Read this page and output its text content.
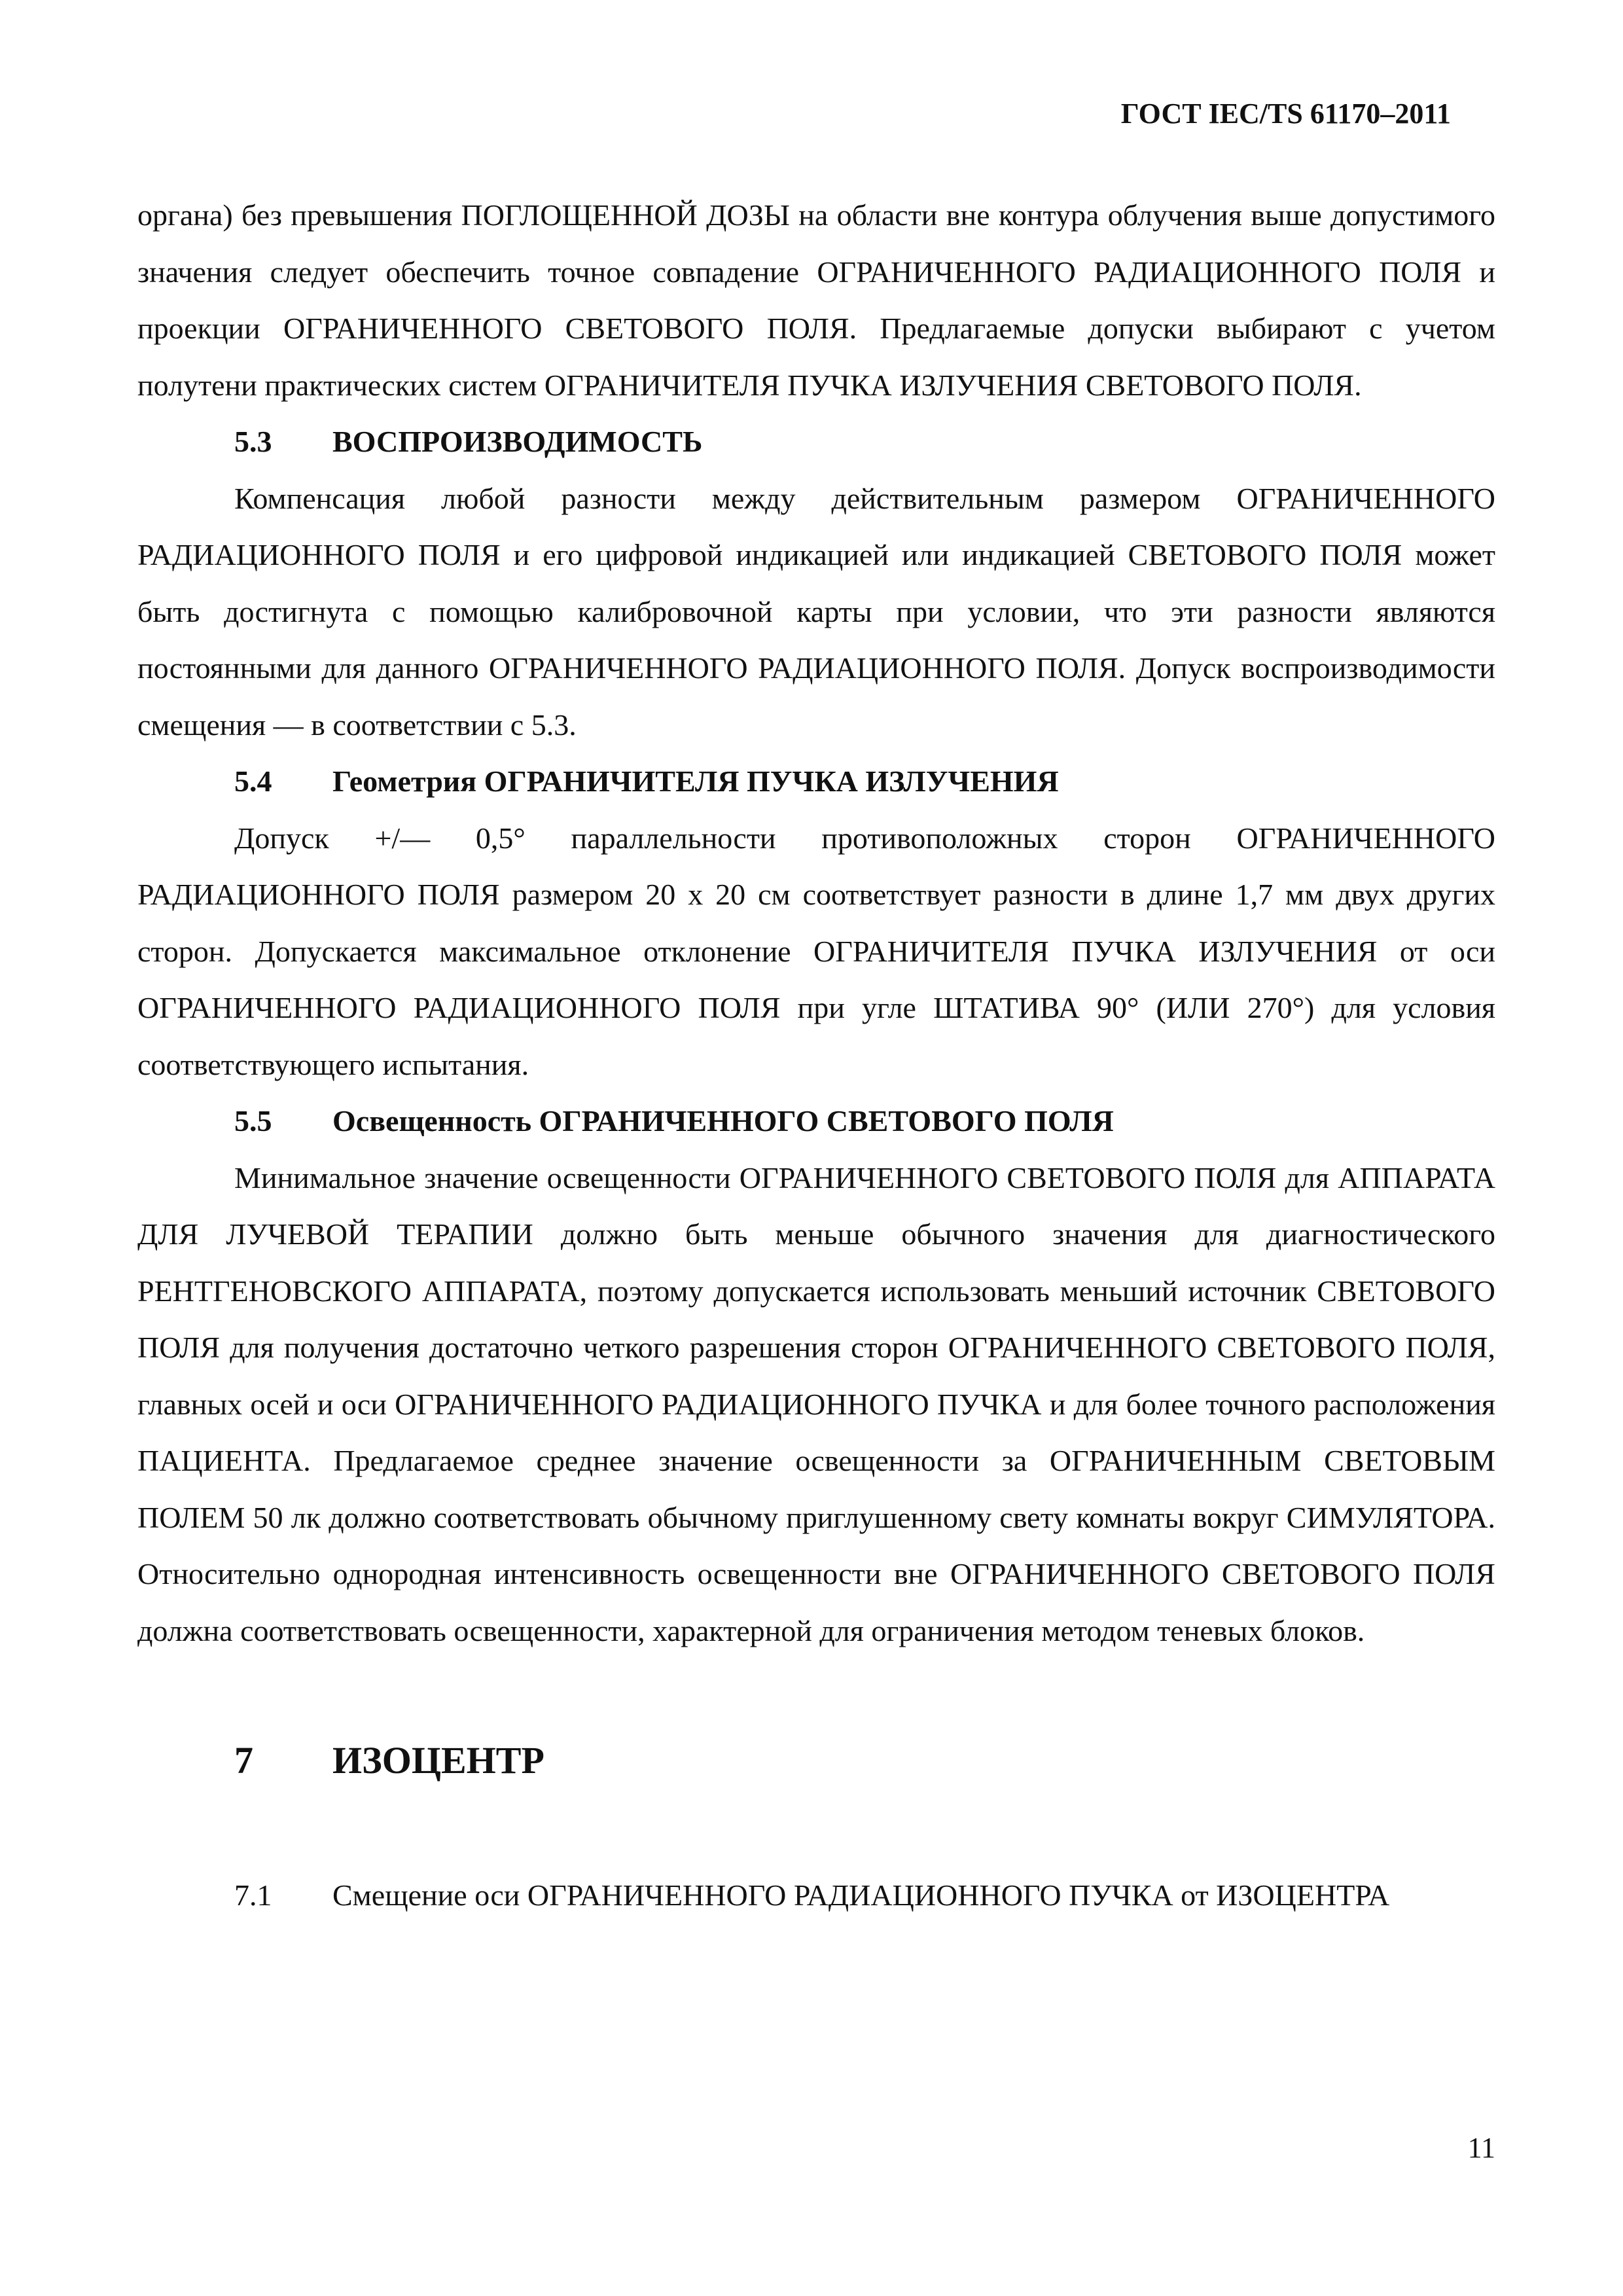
ГОСТ IEC/TS 61170–2011

органа) без превышения ПОГЛОЩЕННОЙ ДОЗЫ на области вне контура облучения выше допустимого значения следует обеспечить точное совпадение ОГРАНИЧЕННОГО РАДИАЦИОННОГО ПОЛЯ и проекции ОГРАНИЧЕННОГО СВЕТОВОГО ПОЛЯ. Предлагаемые допуски выбирают с учетом полутени практических систем ОГРАНИЧИТЕЛЯ ПУЧКА ИЗЛУЧЕНИЯ СВЕТОВОГО ПОЛЯ.

5.3 ВОСПРОИЗВОДИМОСТЬ

Компенсация любой разности между действительным размером ОГРАНИЧЕННОГО РАДИАЦИОННОГО ПОЛЯ и его цифровой индикацией или индикацией СВЕТОВОГО ПОЛЯ может быть достигнута с помощью калибровочной карты при условии, что эти разности являются постоянными для данного ОГРАНИЧЕННОГО РАДИАЦИОННОГО ПОЛЯ. Допуск воспроизводимости смещения — в соответствии с 5.3.

5.4 Геометрия ОГРАНИЧИТЕЛЯ ПУЧКА ИЗЛУЧЕНИЯ

Допуск +/— 0,5° параллельности противоположных сторон ОГРАНИЧЕННОГО РАДИАЦИОННОГО ПОЛЯ размером 20 х 20 см соответствует разности в длине 1,7 мм двух других сторон. Допускается максимальное отклонение ОГРАНИЧИТЕЛЯ ПУЧКА ИЗЛУЧЕНИЯ от оси ОГРАНИЧЕННОГО РАДИАЦИОННОГО ПОЛЯ при угле ШТАТИВА 90° (ИЛИ 270°) для условия соответствующего испытания.

5.5 Освещенность ОГРАНИЧЕННОГО СВЕТОВОГО ПОЛЯ

Минимальное значение освещенности ОГРАНИЧЕННОГО СВЕТОВОГО ПОЛЯ для АППАРАТА ДЛЯ ЛУЧЕВОЙ ТЕРАПИИ должно быть меньше обычного значения для диагностического РЕНТГЕНОВСКОГО АППАРАТА, поэтому допускается использовать меньший источник СВЕТОВОГО ПОЛЯ для получения достаточно четкого разрешения сторон ОГРАНИЧЕННОГО СВЕТОВОГО ПОЛЯ, главных осей и оси ОГРАНИЧЕННОГО РАДИАЦИОННОГО ПУЧКА и для более точного расположения ПАЦИЕНТА. Предлагаемое среднее значение освещенности за ОГРАНИЧЕННЫМ СВЕТОВЫМ ПОЛЕМ 50 лк должно соответствовать обычному приглушенному свету комнаты вокруг СИМУЛЯТОРА. Относительно однородная интенсивность освещенности вне ОГРАНИЧЕННОГО СВЕТОВОГО ПОЛЯ должна соответствовать освещенности, характерной для ограничения методом теневых блоков.

7 ИЗОЦЕНТР
7.1 Смещение оси ОГРАНИЧЕННОГО РАДИАЦИОННОГО ПУЧКА от ИЗОЦЕНТРА
11
